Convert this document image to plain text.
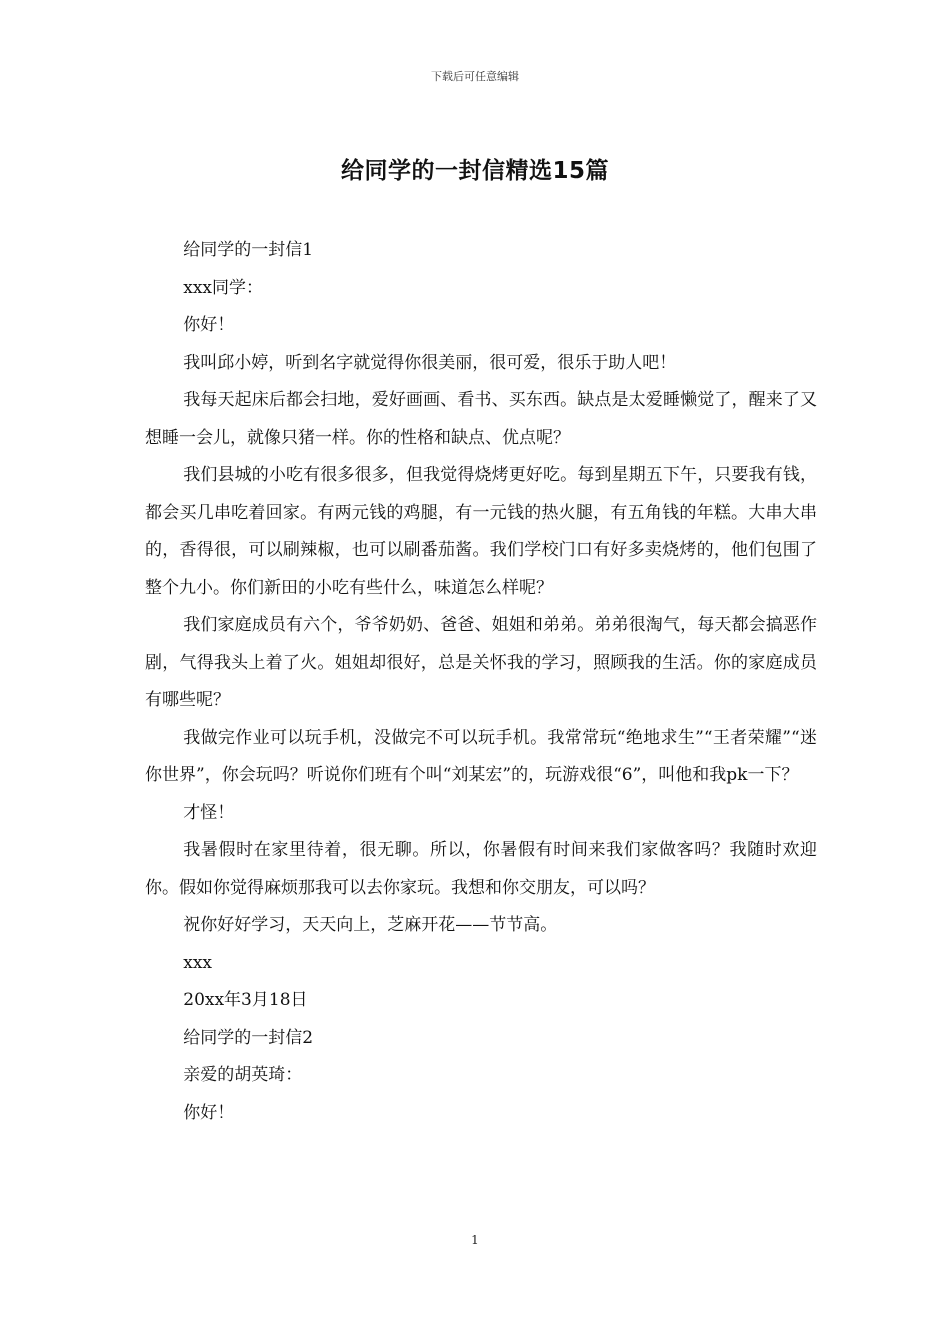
下载后可任意编辑
给同学的一封信精选15篇

给同学的一封信1

xxx同学：

你好！

我叫邱小婷，听到名字就觉得你很美丽，很可爱，很乐于助人吧！

我每天起床后都会扫地，爱好画画、看书、买东西。缺点是太爱睡懒觉了，醒来了又想睡一会儿，就像只猪一样。你的性格和缺点、优点呢？

我们县城的小吃有很多很多，但我觉得烧烤更好吃。每到星期五下午，只要我有钱，都会买几串吃着回家。有两元钱的鸡腿，有一元钱的热火腿，有五角钱的年糕。大串大串的，香得很，可以刷辣椒，也可以刷番茄酱。我们学校门口有好多卖烧烤的，他们包围了整个九小。你们新田的小吃有些什么，味道怎么样呢？

我们家庭成员有六个，爷爷奶奶、爸爸、姐姐和弟弟。弟弟很淘气，每天都会搞恶作剧，气得我头上着了火。姐姐却很好，总是关怀我的学习，照顾我的生活。你的家庭成员有哪些呢？

我做完作业可以玩手机，没做完不可以玩手机。我常常玩“绝地求生”“王者荣耀”“迷你世界”，你会玩吗？听说你们班有个叫“刘某宏”的，玩游戏很“6”，叫他和我pk一下？

才怪！

我暑假时在家里待着，很无聊。所以，你暑假有时间来我们家做客吗？我随时欢迎你。假如你觉得麻烦那我可以去你家玩。我想和你交朋友，可以吗？

祝你好好学习，天天向上，芝麻开花——节节高。

xxx

20xx年3月18日

给同学的一封信2

亲爱的胡英琦：

你好！

1
